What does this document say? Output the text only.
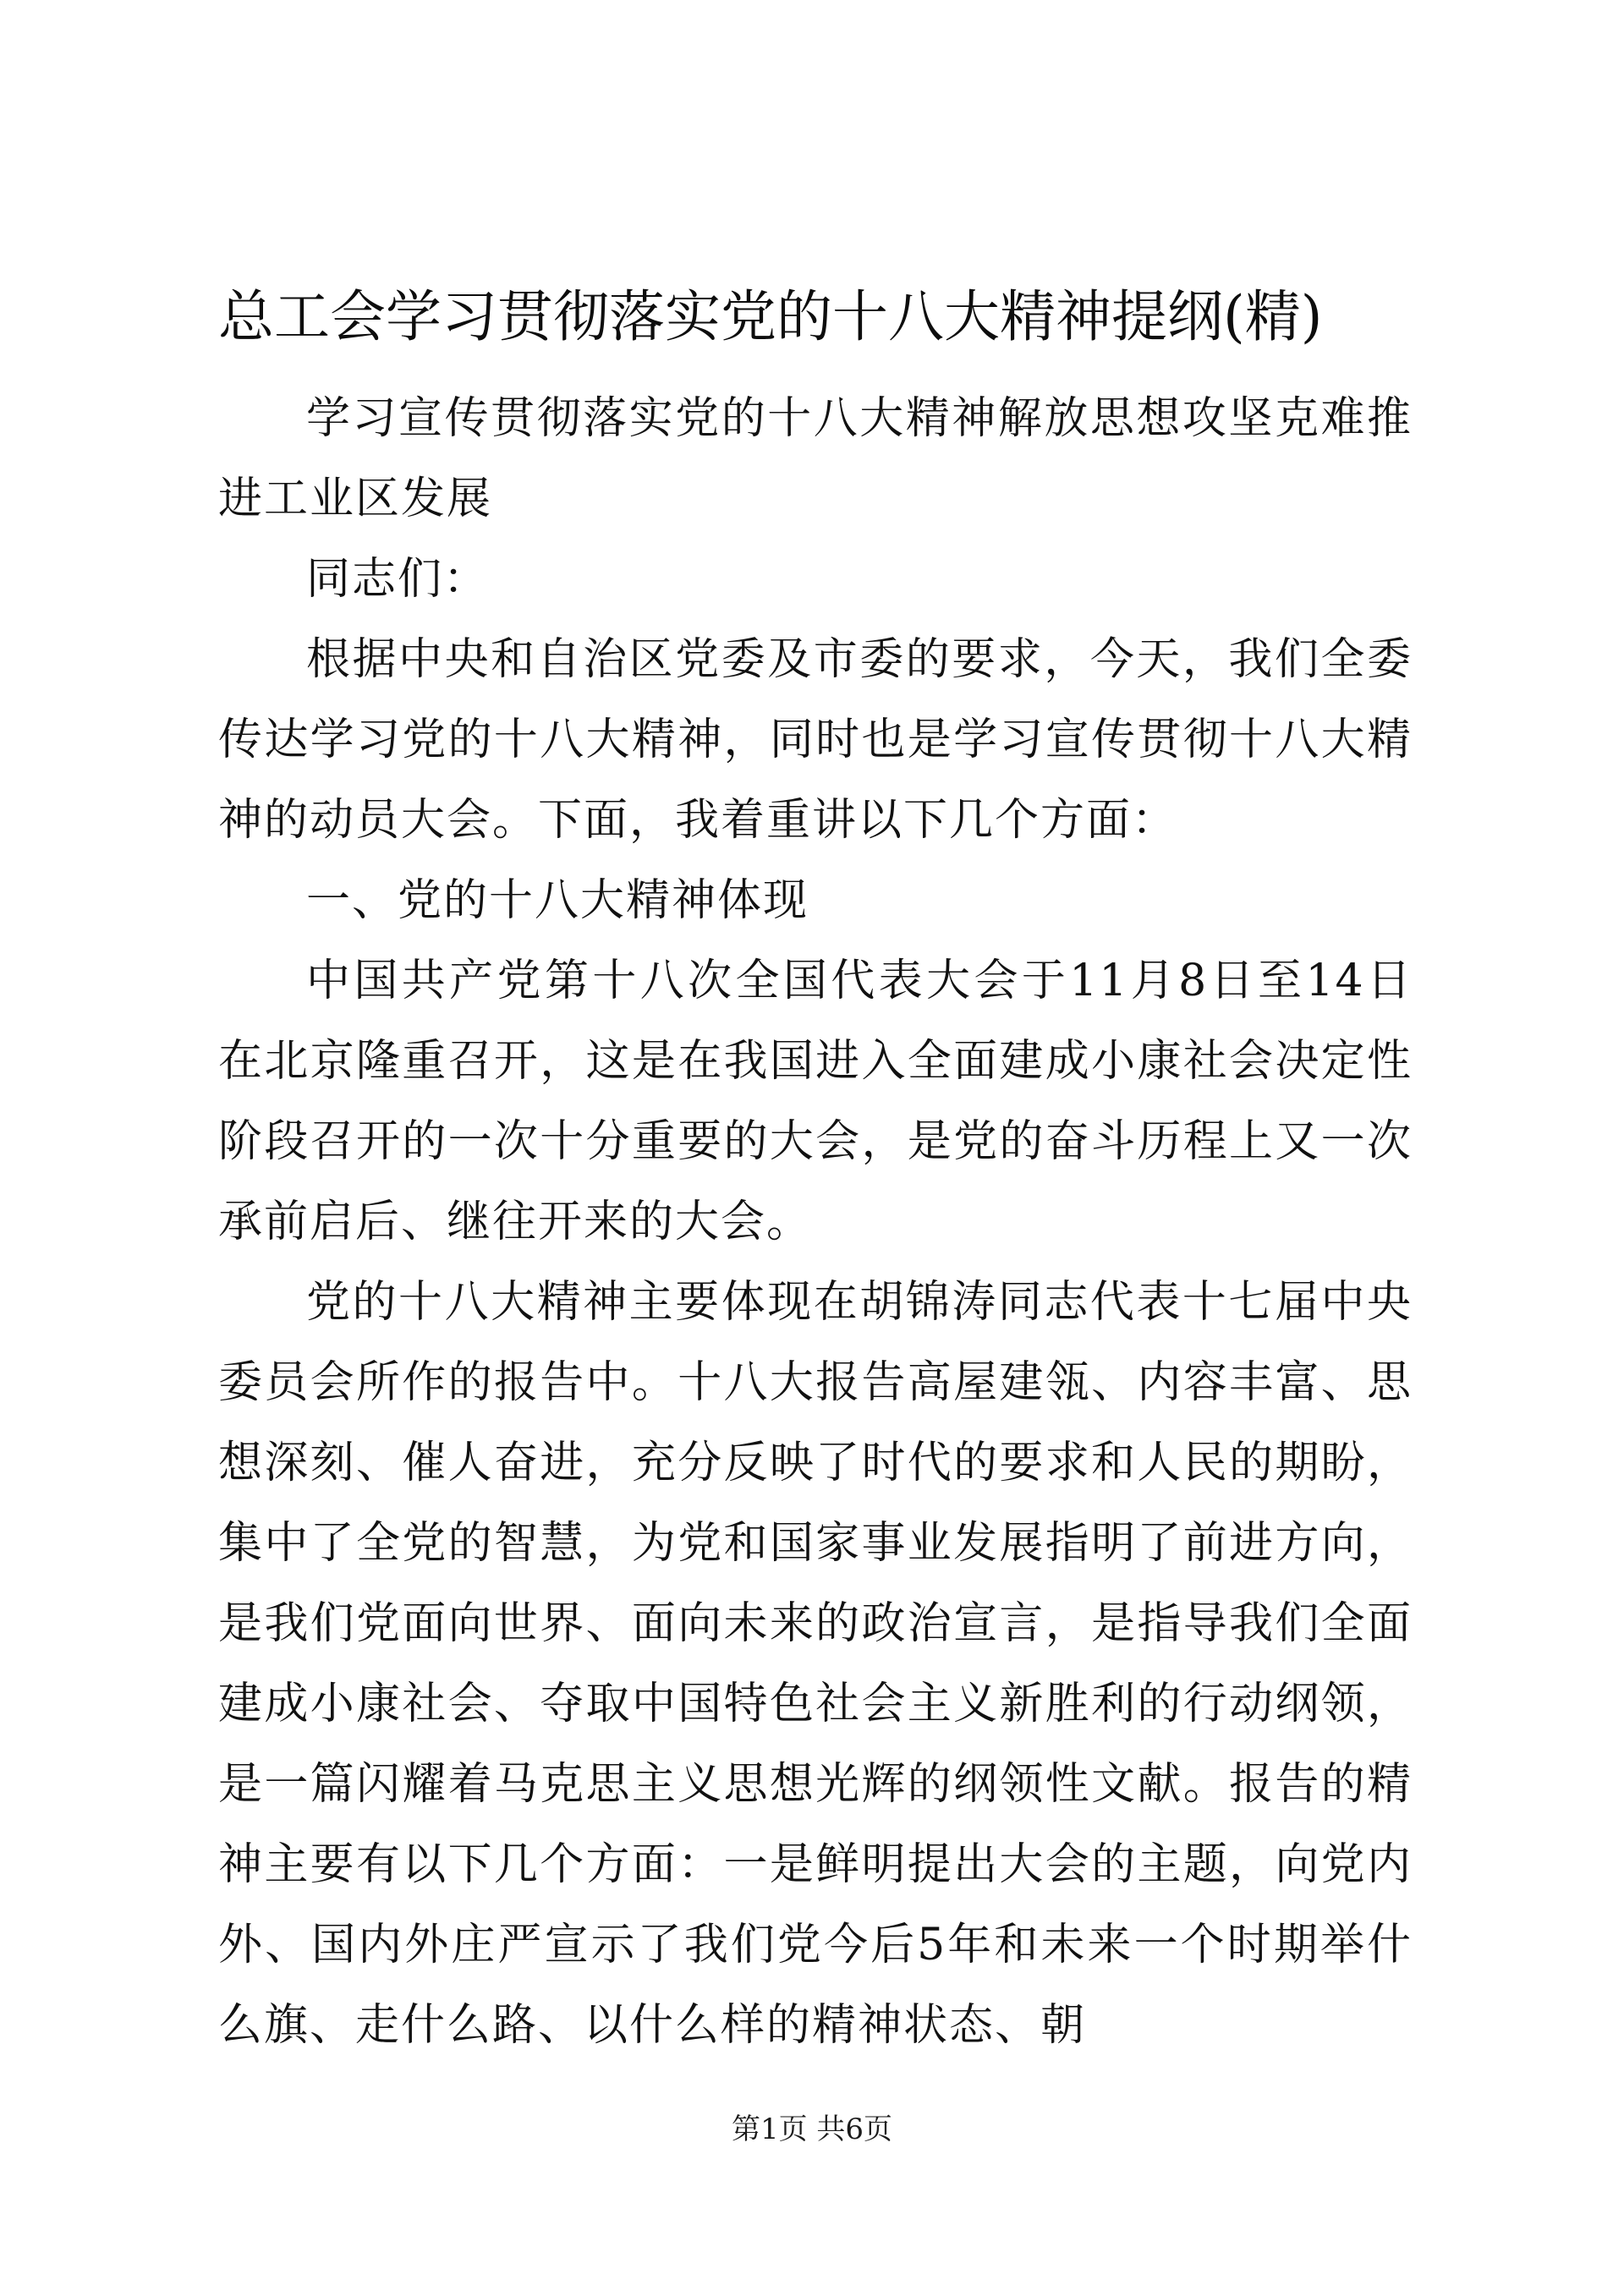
总工会学习贯彻落实党的十八大精神提纲(精)

学习宣传贯彻落实党的十八大精神解放思想攻坚克难推进工业区发展

同志们：

根据中央和自治区党委及市委的要求，今天，我们全委传达学习党的十八大精神，同时也是学习宣传贯彻十八大精神的动员大会。下面，我着重讲以下几个方面：

一、党的十八大精神体现

中国共产党第十八次全国代表大会于11月8日至14日在北京隆重召开，这是在我国进入全面建成小康社会决定性阶段召开的一次十分重要的大会，是党的奋斗历程上又一次承前启后、继往开来的大会。

党的十八大精神主要体现在胡锦涛同志代表十七届中央委员会所作的报告中。十八大报告高屋建瓴、内容丰富、思想深刻、催人奋进，充分反映了时代的要求和人民的期盼，集中了全党的智慧，为党和国家事业发展指明了前进方向，是我们党面向世界、面向未来的政治宣言，是指导我们全面建成小康社会、夺取中国特色社会主义新胜利的行动纲领，是一篇闪耀着马克思主义思想光辉的纲领性文献。报告的精神主要有以下几个方面：一是鲜明提出大会的主题，向党内外、国内外庄严宣示了我们党今后5年和未来一个时期举什么旗、走什么路、以什么样的精神状态、朝

第1页 共6页
